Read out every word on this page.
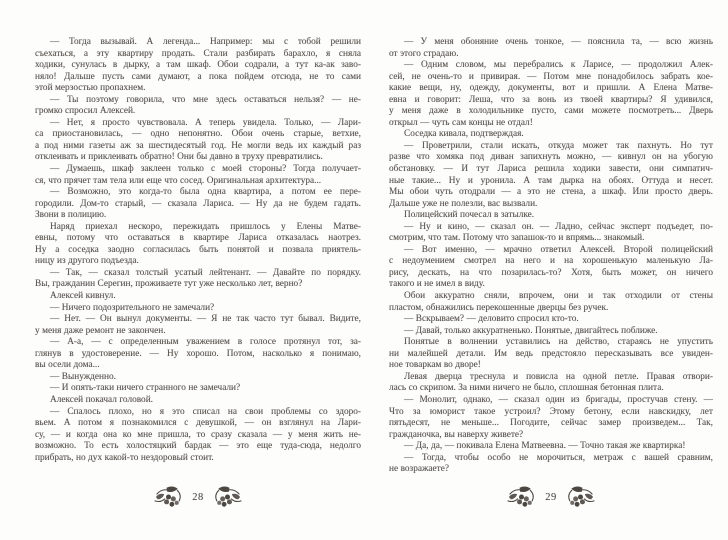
— Тогда вызывай. А легенда... Например: мы с тобой решили
съехаться, а эту квартиру продать. Стали разбирать барахло, я сняла
ходики, сунулась в дырку, а там шкаф. Обои содрали, а тут ка-ак заво-
няло! Дальше пусть сами думают, а пока пойдем отсюда, не то сами
этой мерзостью пропахнем.
— Ты поэтому говорила, что мне здесь оставаться нельзя? — не-
громко спросил Алексей.
— Нет, я просто чувствовала. А теперь увидела. Только, — Лари-
са приостановилась, — одно непонятно. Обои очень старые, ветхие,
а под ними газеты аж за шестидесятый год. Не могли ведь их каждый раз
отклеивать и приклеивать обратно! Они бы давно в труху превратились.
— Думаешь, шкаф заклеен только с моей стороны? Тогда получает-
ся, что прячет там тела или еще что сосед. Оригинальная архитектура...
— Возможно, это когда-то была одна квартира, а потом ее пере-
городили. Дом-то старый, — сказала Лариса. — Ну да не будем гадать.
Звони в полицию.
Наряд приехал нескоро, пережидать пришлось у Елены Матве-
евны, потому что оставаться в квартире Лариса отказалась наотрез.
Ну а соседка заодно согласилась быть понятой и позвала приятель-
ницу из другого подъезда.
— Так, — сказал толстый усатый лейтенант. — Давайте по порядку.
Вы, гражданин Серегин, проживаете тут уже несколько лет, верно?
Алексей кивнул.
— Ничего подозрительного не замечали?
— Нет. — Он вынул документы. — Я не так часто тут бывал. Видите,
у меня даже ремонт не закончен.
— А-а, — с определенным уважением в голосе протянул тот, за-
глянув в удостоверение. — Ну хорошо. Потом, насколько я понимаю,
вы осели дома...
— Вынужденно.
— И опять-таки ничего странного не замечали?
Алексей покачал головой.
— Спалось плохо, но я это списал на свои проблемы со здоро-
вьем. А потом я познакомился с девушкой, — он взглянул на Лари-
су, — и когда она ко мне пришла, то сразу сказала — у меня жить не-
возможно. То есть холостяцкий бардак — это еще туда-сюда, недолго
прибрать, но дух какой-то нездоровый стоит.
28
— У меня обоняние очень тонкое, — пояснила та, — всю жизнь
от этого страдаю.
— Одним словом, мы перебрались к Ларисе, — продолжил Алек-
сей, не очень-то и привирая. — Потом мне понадобилось забрать кое-
какие вещи, ну, одежду, документы, вот и пришли. А Елена Матве-
евна и говорит: Леша, что за вонь из твоей квартиры? Я удивился,
у меня даже в холодильнике пусто, сами можете посмотреть... Дверь
открыл — чуть сам концы не отдал!
Соседка кивала, подтверждая.
— Проветрили, стали искать, откуда может так пахнуть. Но тут
разве что хомяка под диван запихнуть можно, — кивнул он на убогую
обстановку. — И тут Лариса решила ходики завести, они симпатич-
ные такие... Ну и уронила. А там дырка на обоях. Оттуда и несет.
Мы обои чуть отодрали — а это не стена, а шкаф. Или просто дверь.
Дальше уже не полезли, вас вызвали.
Полицейский почесал в затылке.
— Ну и кино, — сказал он. — Ладно, сейчас эксперт подъедет, по-
смотрим, что там. Потому что запашок-то и впрямь... знакомый.
— Вот именно, — мрачно ответил Алексей. Второй полицейский
с недоумением смотрел на него и на хорошенькую маленькую Ла-
рису, дескать, на что позарилась-то? Хотя, быть может, он ничего
такого и не имел в виду.
Обои аккуратно сняли, впрочем, они и так отходили от стены
пластом, обнажились перекошенные дверцы без ручек.
— Вскрываем? — деловито спросил кто-то.
— Давай, только аккуратненько. Понятые, двигайтесь поближе.
Понятые в волнении уставились на действо, стараясь не упустить
ни малейшей детали. Им ведь предстояло пересказывать все увиден-
ное товаркам во дворе!
Левая дверца треснула и повисла на одной петле. Правая отвори-
лась со скрипом. За ними ничего не было, сплошная бетонная плита.
— Монолит, однако, — сказал один из бригады, простучав стену. —
Что за юморист такое устроил? Этому бетону, если навскидку, лет
пятьдесят, не меньше... Погодите, сейчас замер произведем... Так,
гражданочка, вы наверху живете?
— Да, да, — покивала Елена Матвеевна. — Точно такая же квартирка!
— Тогда, чтобы особо не морочиться, метраж с вашей сравним,
не возражаете?
29
